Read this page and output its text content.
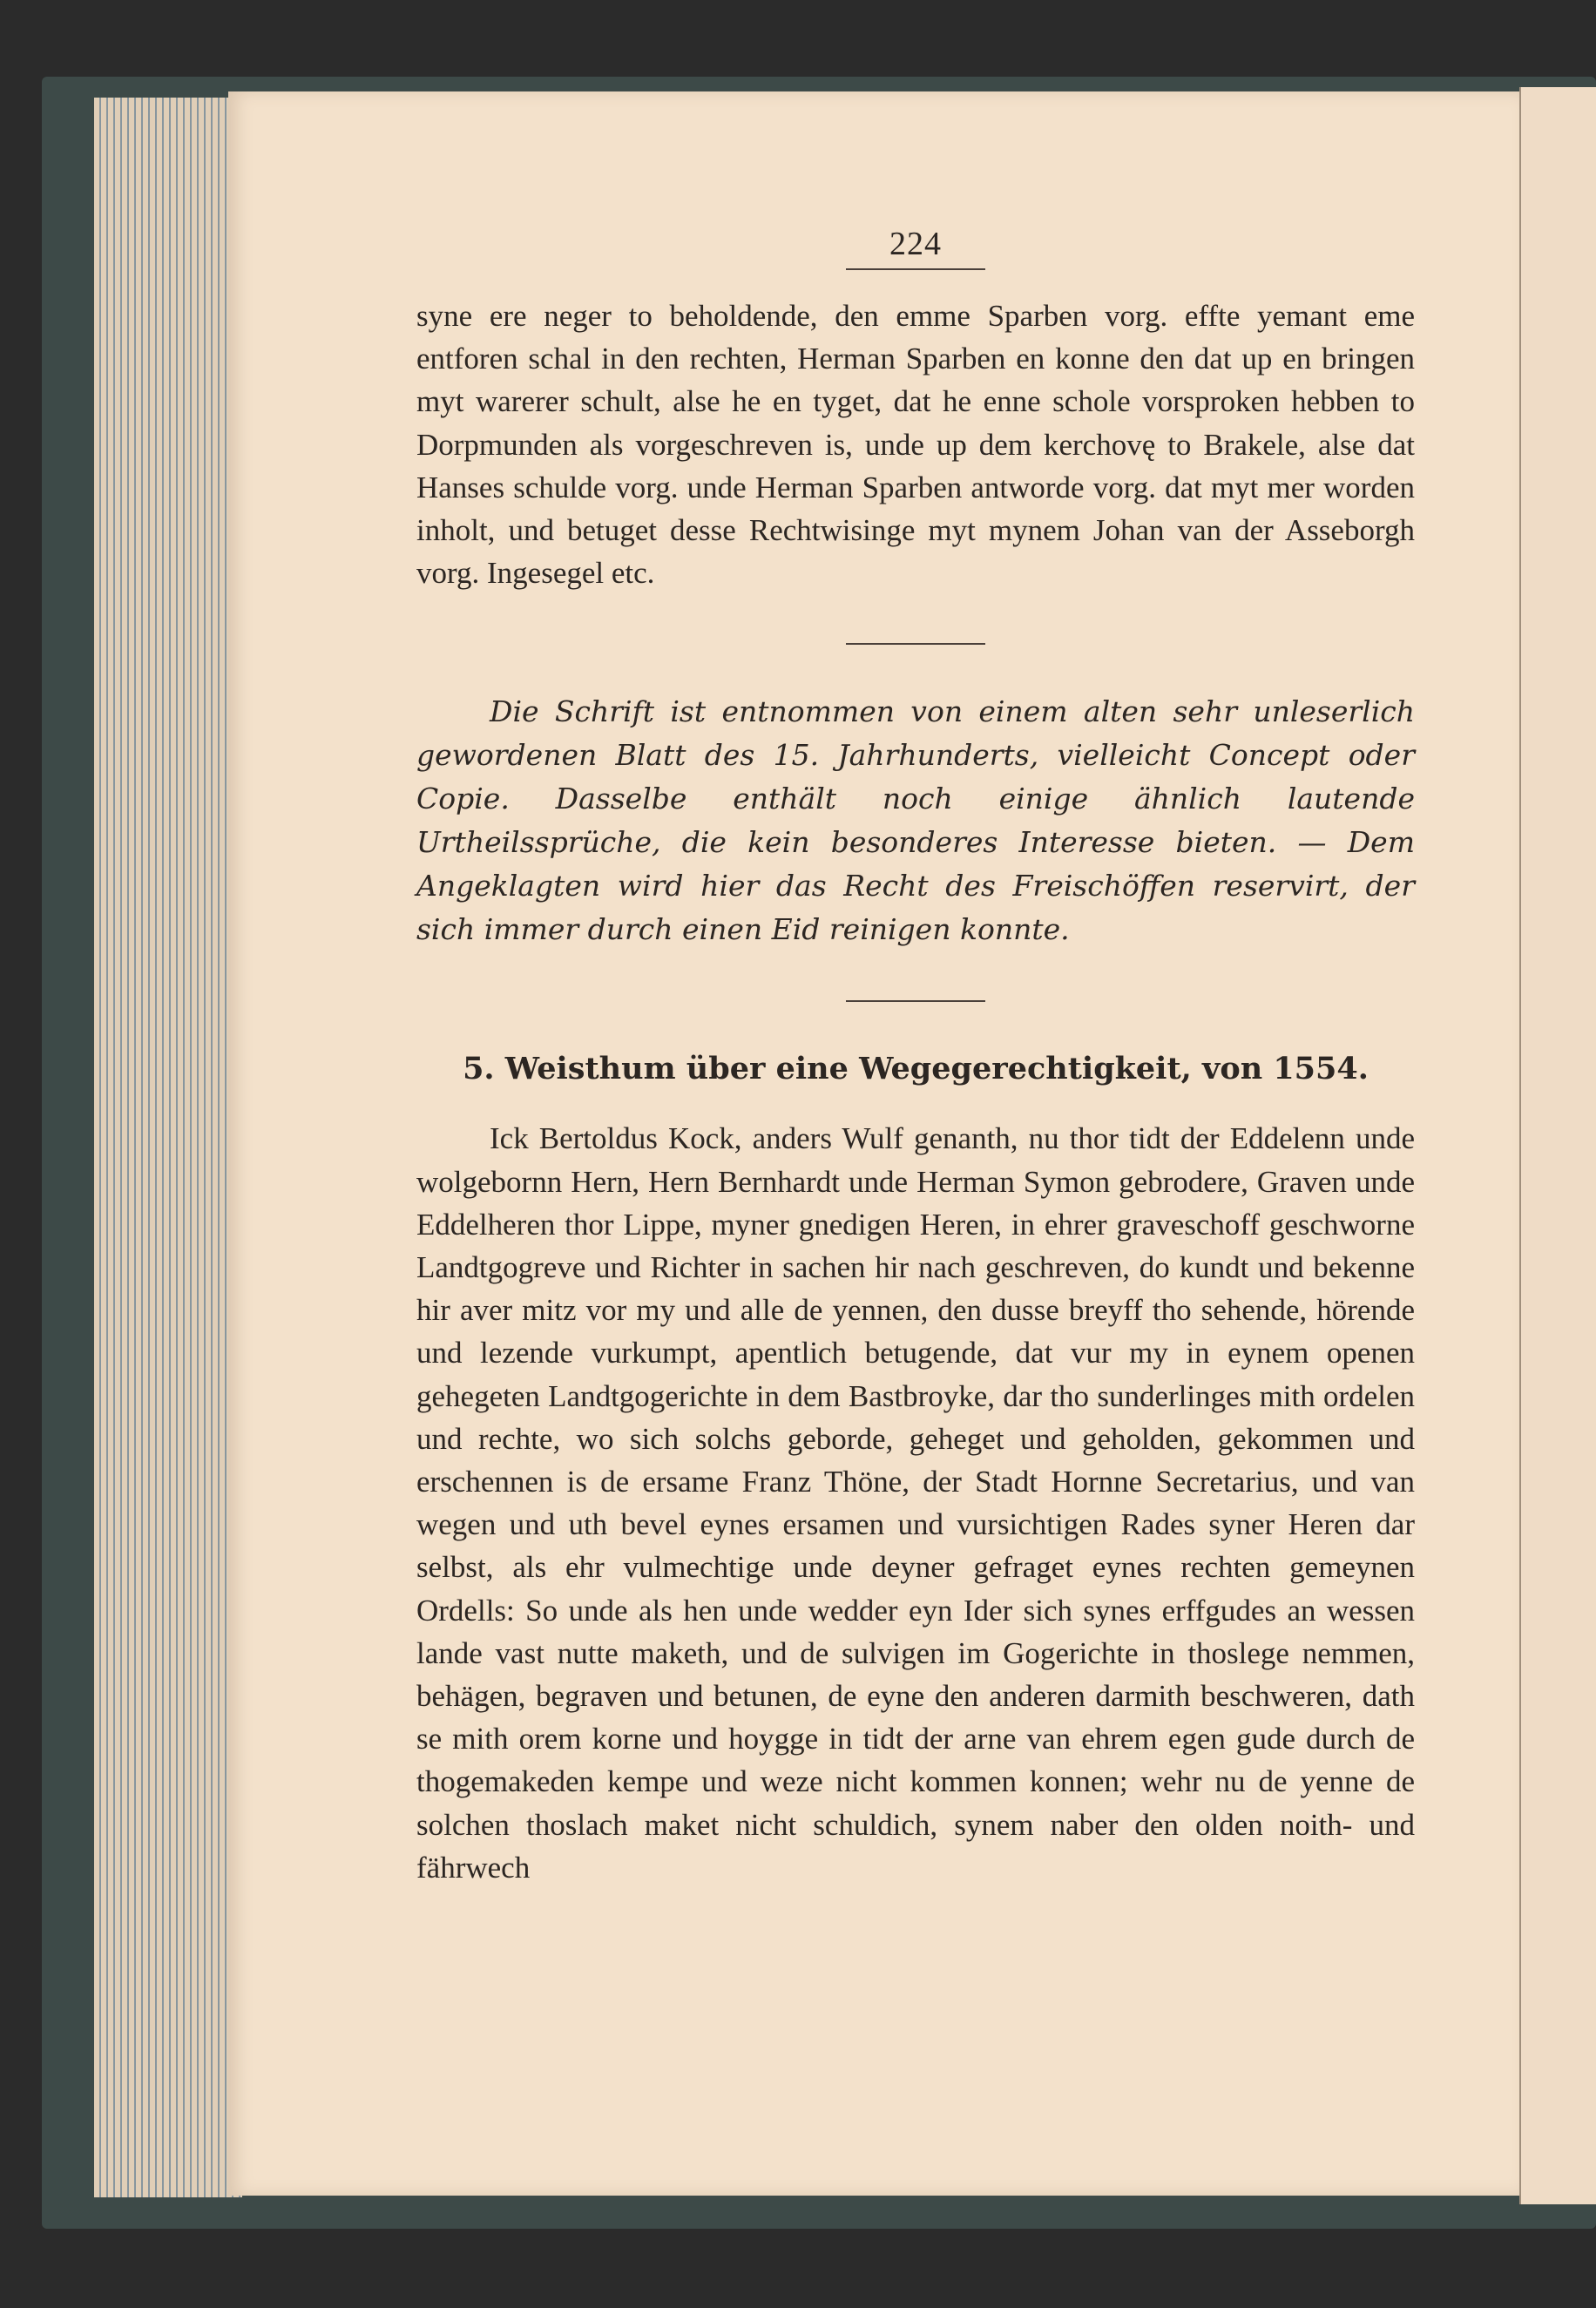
224

syne ere neger to beholdende, den emme Sparben vorg. effte yemant eme entforen schal in den rechten, Herman Sparben en konne den dat up en bringen myt warerer schult, alse he en tyget, dat he enne schole vorsproken hebben to Dorpmunden als vorgeschreven is, unde up dem kerchovę to Brakele, alse dat Hanses schulde vorg. unde Herman Sparben antworde vorg. dat myt mer worden inholt, und betuget desse Rechtwisinge myt mynem Johan van der Asseborgh vorg. Ingesegel etc.

Die Schrift ist entnommen von einem alten sehr unleserlich gewordenen Blatt des 15. Jahrhunderts, vielleicht Concept oder Copie. Dasselbe enthält noch einige ähnlich lautende Urtheilssprüche, die kein besonderes Interesse bieten. — Dem Angeklagten wird hier das Recht des Freischöffen reservirt, der sich immer durch einen Eid reinigen konnte.

5. Weisthum über eine Wegegerechtigkeit, von 1554.

Ick Bertoldus Kock, anders Wulf genanth, nu thor tidt der Eddelenn unde wolgebornn Hern, Hern Bernhardt unde Herman Symon gebrodere, Graven unde Eddelheren thor Lippe, myner gnedigen Heren, in ehrer graveschoff geschworne Landtgogreve und Richter in sachen hir nach geschreven, do kundt und bekenne hir aver mitz vor my und alle de yennen, den dusse breyff tho sehende, hörende und lezende vurkumpt, apentlich betugende, dat vur my in eynem openen gehegeten Landtgogerichte in dem Bastbroyke, dar tho sunderlinges mith ordelen und rechte, wo sich solchs geborde, geheget und geholden, gekommen und erschennen is de ersame Franz Thöne, der Stadt Hornne Secretarius, und van wegen und uth bevel eynes ersamen und vursichtigen Rades syner Heren dar selbst, als ehr vulmechtige unde deyner gefraget eynes rechten gemeynen Ordells: So unde als hen unde wedder eyn Ider sich synes erffgudes an wessen lande vast nutte maketh, und de sulvigen im Gogerichte in thoslege nemmen, behägen, begraven und betunen, de eyne den anderen darmith beschweren, dath se mith orem korne und hoygge in tidt der arne van ehrem egen gude durch de thogemakeden kempe und weze nicht kommen konnen; wehr nu de yenne de solchen thoslach maket nicht schuldich, synem naber den olden noith- und fährwech
